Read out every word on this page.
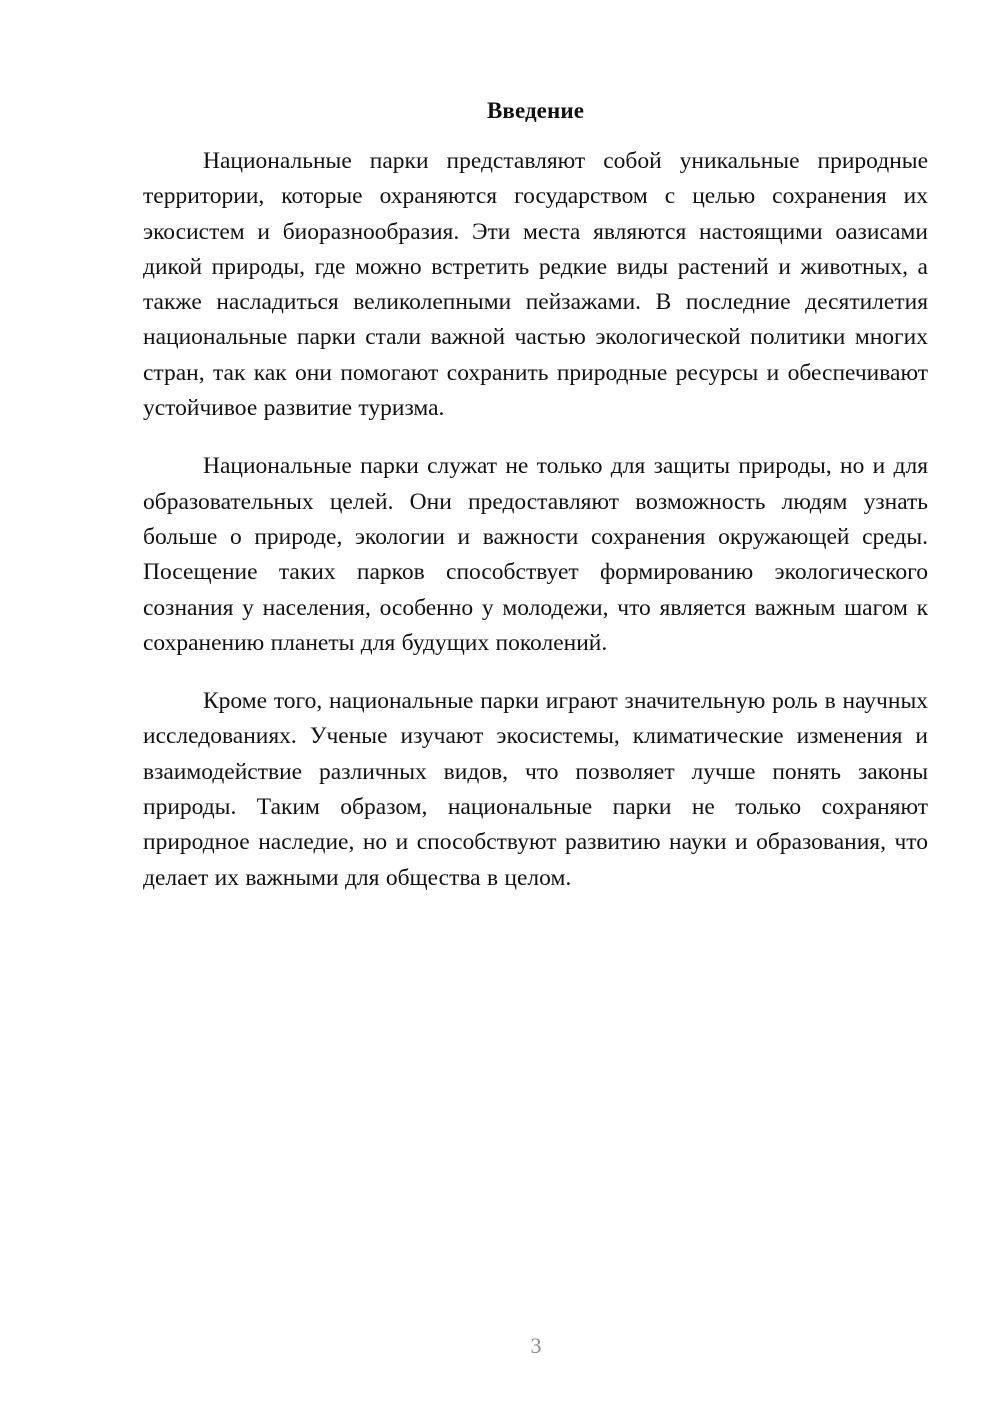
Введение

Национальные парки представляют собой уникальные природные территории, которые охраняются государством с целью сохранения их экосистем и биоразнообразия. Эти места являются настоящими оазисами дикой природы, где можно встретить редкие виды растений и животных, а также насладиться великолепными пейзажами. В последние десятилетия национальные парки стали важной частью экологической политики многих стран, так как они помогают сохранить природные ресурсы и обеспечивают устойчивое развитие туризма.

Национальные парки служат не только для защиты природы, но и для образовательных целей. Они предоставляют возможность людям узнать больше о природе, экологии и важности сохранения окружающей среды. Посещение таких парков способствует формированию экологического сознания у населения, особенно у молодежи, что является важным шагом к сохранению планеты для будущих поколений.

Кроме того, национальные парки играют значительную роль в научных исследованиях. Ученые изучают экосистемы, климатические изменения и взаимодействие различных видов, что позволяет лучше понять законы природы. Таким образом, национальные парки не только сохраняют природное наследие, но и способствуют развитию науки и образования, что делает их важными для общества в целом.

3
